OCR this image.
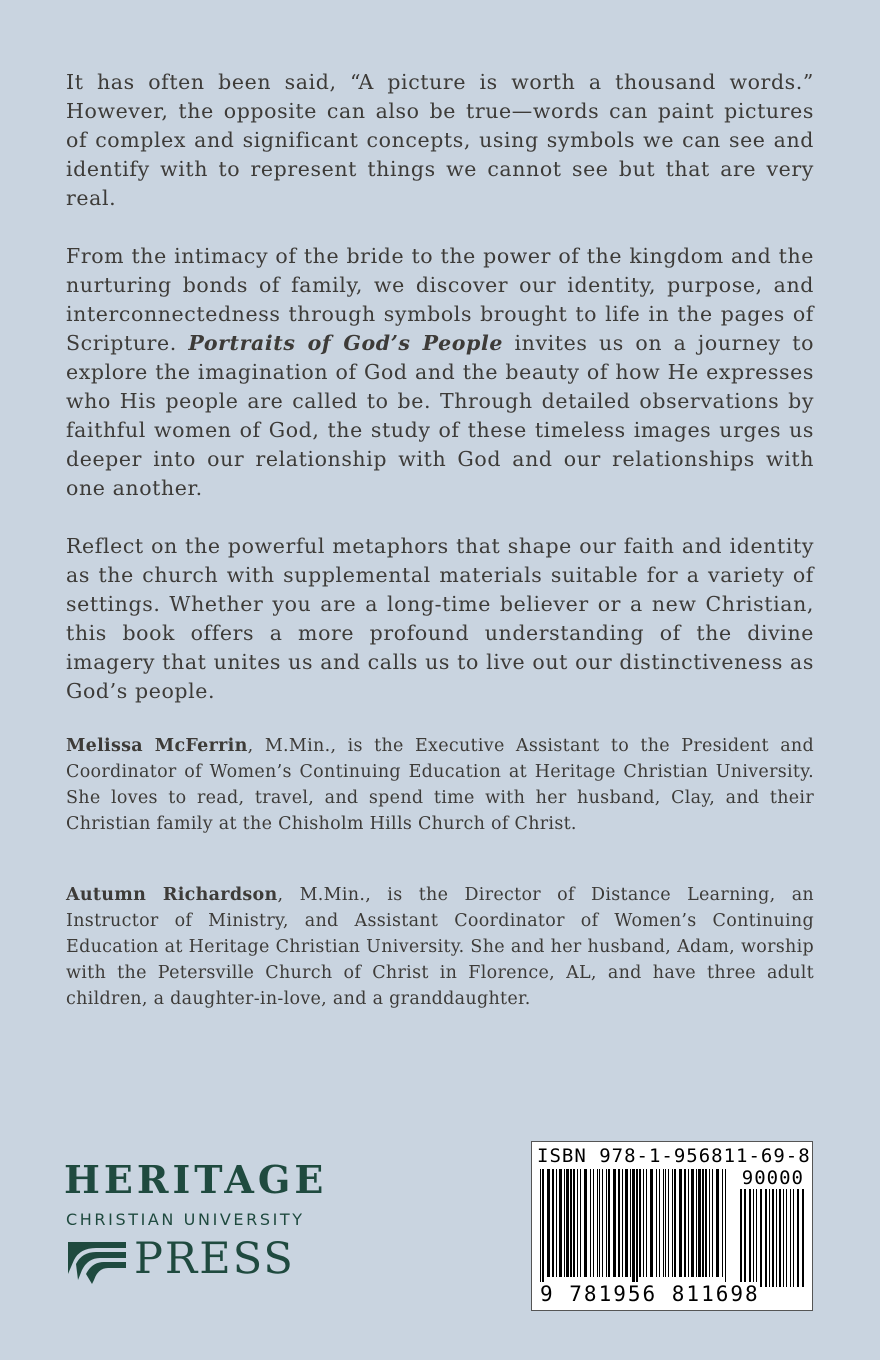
It has often been said, “A picture is worth a thousand words.” However, the opposite can also be true—words can paint pictures of complex and significant concepts, using symbols we can see and identify with to represent things we cannot see but that are very real.

From the intimacy of the bride to the power of the kingdom and the nurturing bonds of family, we discover our identity, purpose, and interconnectedness through symbols brought to life in the pages of Scripture. Portraits of God’s People invites us on a journey to explore the imagination of God and the beauty of how He expresses who His people are called to be. Through detailed observations by faithful women of God, the study of these timeless images urges us deeper into our relationship with God and our relationships with one another.

Reflect on the powerful metaphors that shape our faith and identity as the church with supplemental materials suitable for a variety of settings. Whether you are a long-time believer or a new Christian, this book offers a more profound understanding of the divine imagery that unites us and calls us to live out our distinctiveness as God’s people.

Melissa McFerrin, M.Min., is the Executive Assistant to the President and Coordinator of Women’s Continuing Education at Heritage Christian University. She loves to read, travel, and spend time with her husband, Clay, and their Christian family at the Chisholm Hills Church of Christ.

Autumn Richardson, M.Min., is the Director of Distance Learning, an Instructor of Ministry, and Assistant Coordinator of Women’s Continuing Education at Heritage Christian University. She and her husband, Adam, worship with the Petersville Church of Christ in Florence, AL, and have three adult children, a daughter-in-love, and a granddaughter.

HERITAGE
CHRISTIAN UNIVERSITY
PRESS
ISBN 978-1-956811-69-8
90000
9 781956 811698
